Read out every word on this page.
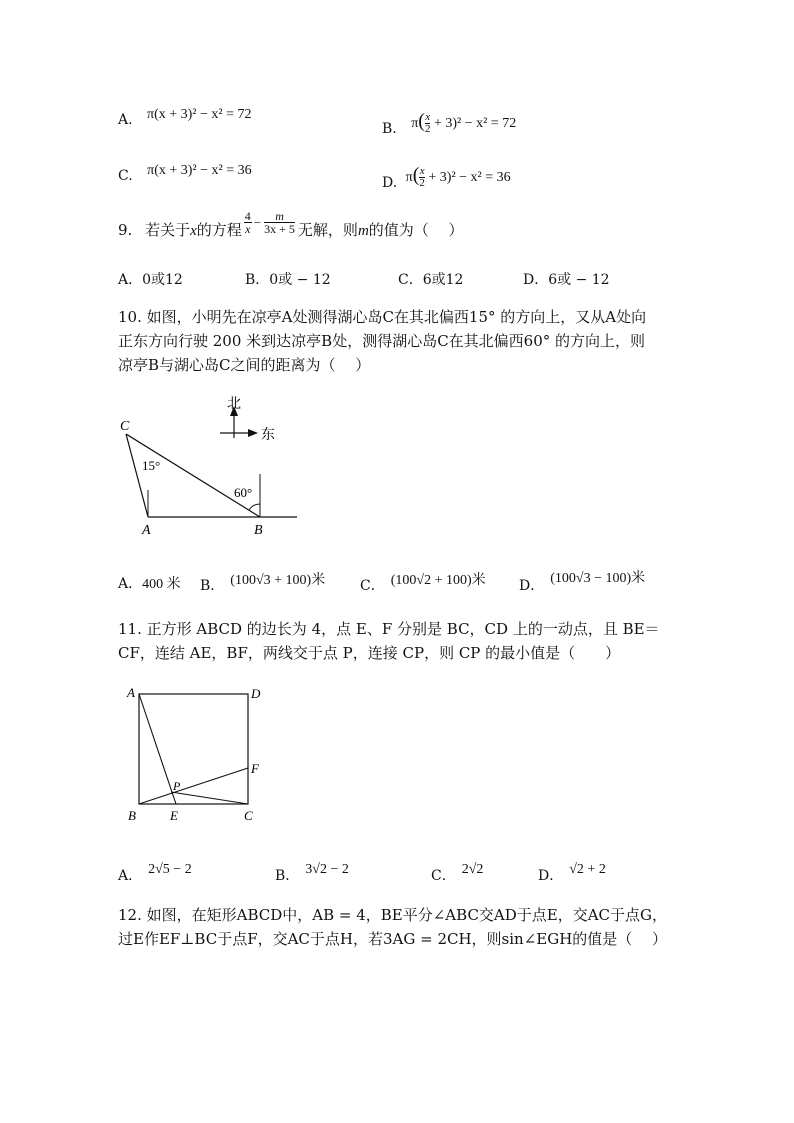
A. π(x + 3)² − x² = 72
B. $\pi( \frac{x}{2} + 3)^2 - x^2 = 72$
C. π(x + 3)² − x² = 36
D. $\pi( \frac{x}{2} + 3)^2 - x^2 = 36$
9. 若关于x的方程 $\frac{4}{x} - \frac{m}{3x + 5}$ 无解，则m的值为（　 ）
A．0或12	B．0或 − 12	C．6或12	D．6或 − 12
10. 如图，小明先在凉亭A处测得湖心岛C在其北偏西15° 的方向上，又从A处向
正东方向行驶 200 米到达凉亭B处，测得湖心岛C在其北偏西60° 的方向上，则
凉亭B与湖心岛C之间的距离为（　 ）
北
东
C
A	B
15°
60°
A．400 米 B． (100√3 + 100)米 C． (100√2 + 100)米 D． (100√3 − 100)米
11. 正方形 ABCD 的边长为 4，点 E、F 分别是 BC，CD 上的一动点，且 BE＝
CF，连结 AE，BF，两线交于点 P，连接 CP，则 CP 的最小值是（　　）
A	D
B	E	C
F
P
A． 2√5 − 2	B． 3√2 − 2	C． 2√2	D． √2 + 2
12. 如图，在矩形ABCD中，AB = 4，BE平分∠ABC交AD于点E，交AC于点G，
过E作EF⊥BC于点F，交AC于点H，若3AG = 2CH，则sin∠EGH的值是（　 ）
